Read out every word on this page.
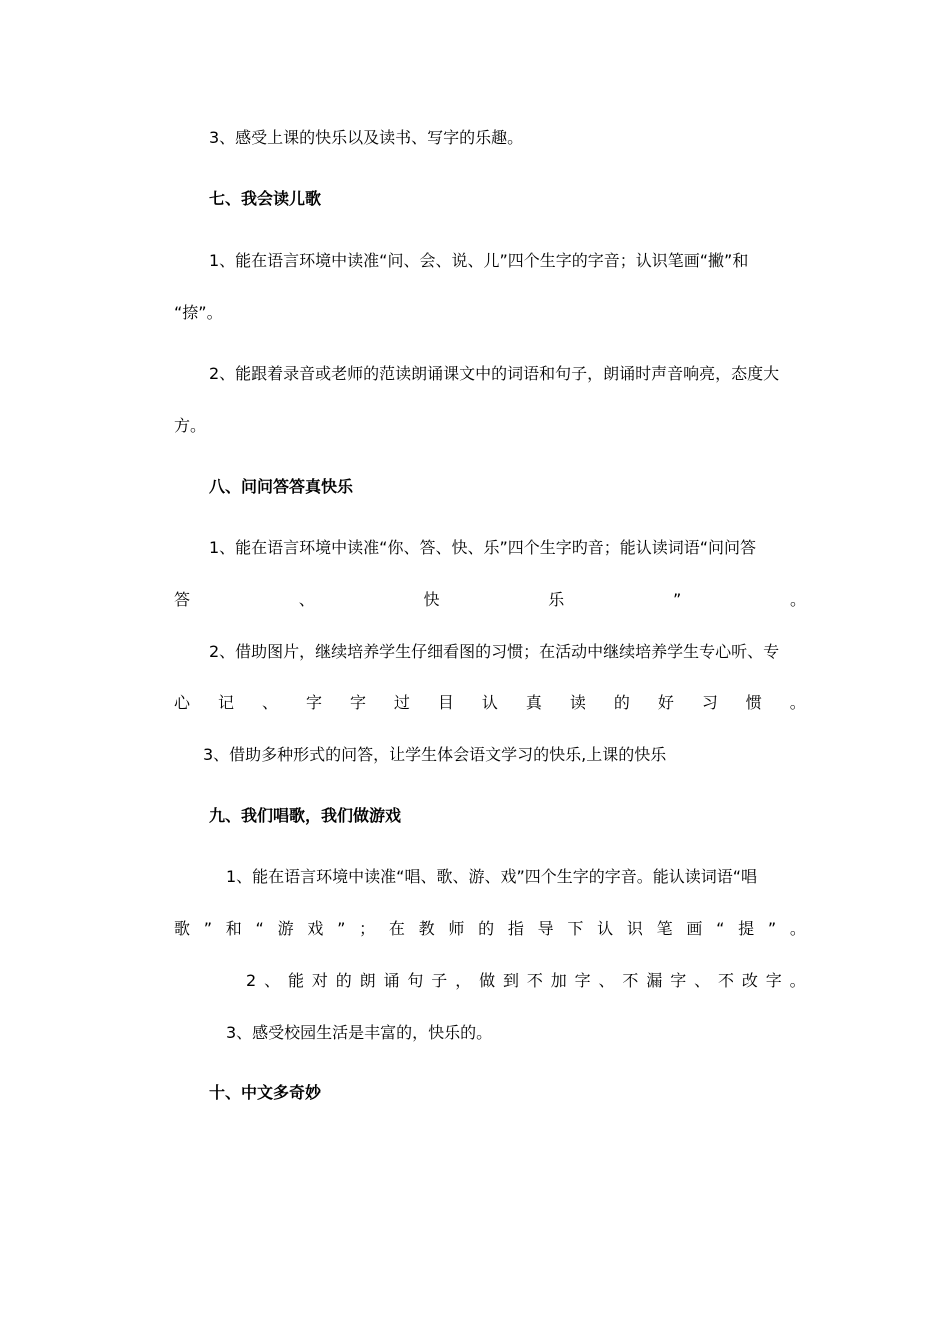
3、感受上课的快乐以及读书、写字的乐趣。
七、我会读儿歌
1、能在语言环境中读准“问、会、说、儿”四个生字的字音；认识笔画“撇”和
“捺”。
2、能跟着录音或老师的范读朗诵课文中的词语和句子，朗诵时声音响亮，态度大
方。
八、问问答答真快乐
1、能在语言环境中读准“你、答、快、乐”四个生字旳音；能认读词语“问问答
答	、	快	乐	”	。
2、借助图片，继续培养学生仔细看图的习惯；在活动中继续培养学生专心听、专
心 记 、 字 字 过 目 认 真 读 的 好 习 惯 。
3、借助多种形式的问答，让学生体会语文学习的快乐,上课的快乐
九、我们唱歌，我们做游戏
1、能在语言环境中读准“唱、歌、游、戏”四个生字的字音。能认读词语“唱
歌 ” 和 “ 游 戏 ” ； 在 教 师 的 指 导 下 认 识 笔 画 “ 提 ” 。
2 、 能 对 的 朗 诵 句 子 ， 做 到 不 加 字 、 不 漏 字 、 不 改 字 。
3、感受校园生活是丰富的，快乐的。
十、中文多奇妙
